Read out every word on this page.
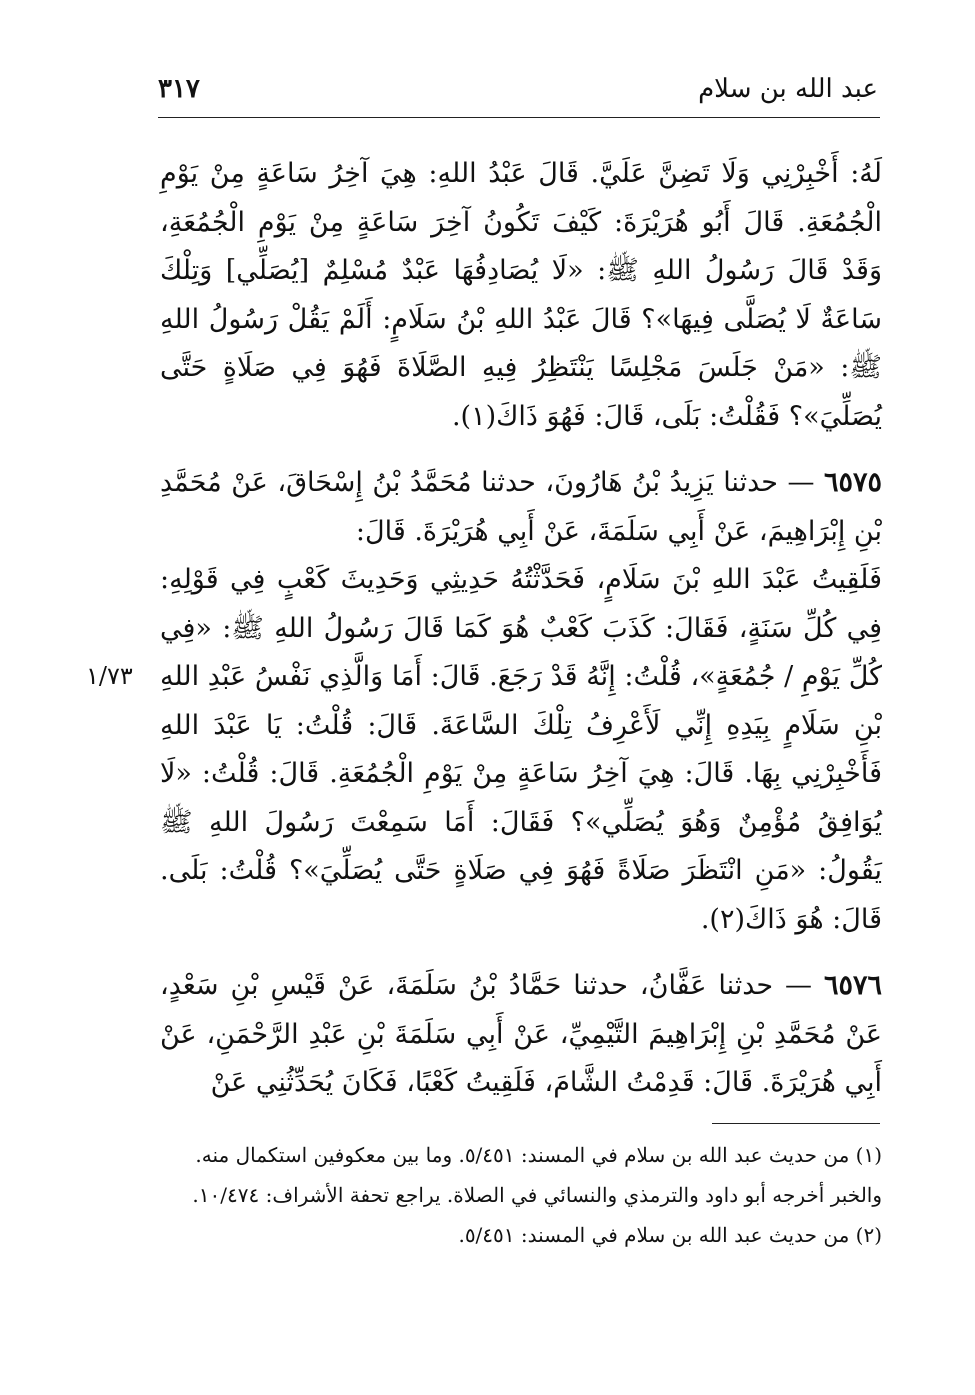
عبد الله بن سلام
٣١٧

لَهُ: أَخْبِرْنِي وَلَا تَضِنَّ عَلَيَّ. قَالَ عَبْدُ اللهِ: هِيَ آخِرُ سَاعَةٍ مِنْ يَوْمِ الْجُمُعَةِ. قَالَ أَبُو هُرَيْرَةَ: كَيْفَ تَكُونُ آخِرَ سَاعَةٍ مِنْ يَوْمِ الْجُمُعَةِ، وَقَدْ قَالَ رَسُولُ اللهِ ﷺ: «لَا يُصَادِفُهَا عَبْدٌ مُسْلِمٌ [يُصَلِّي] وَتِلْكَ سَاعَةٌ لَا يُصَلَّى فِيهَا»؟ قَالَ عَبْدُ اللهِ بْنُ سَلَامٍ: أَلَمْ يَقُلْ رَسُولُ اللهِ ﷺ: «مَنْ جَلَسَ مَجْلِسًا يَنْتَظِرُ فِيهِ الصَّلَاةَ فَهُوَ فِي صَلَاةٍ حَتَّى يُصَلِّيَ»؟ فَقُلْتُ: بَلَى، قَالَ: فَهُوَ ذَاكَ(١).

٦٥٧٥ — حدثنا يَزِيدُ بْنُ هَارُونَ، حدثنا مُحَمَّدُ بْنُ إِسْحَاقَ، عَنْ مُحَمَّدِ بْنِ إِبْرَاهِيمَ، عَنْ أَبِي سَلَمَةَ، عَنْ أَبِي هُرَيْرَةَ. قَالَ:

فَلَقِيتُ عَبْدَ اللهِ بْنَ سَلَامٍ، فَحَدَّثْتُهُ حَدِيثِي وَحَدِيثَ كَعْبٍ فِي قَوْلِهِ: فِي كُلِّ سَنَةٍ، فَقَالَ: كَذَبَ كَعْبٌ هُوَ كَمَا قَالَ رَسُولُ اللهِ ﷺ: «فِي كُلِّ يَوْمِ / جُمُعَةٍ»، قُلْتُ: إِنَّهُ قَدْ رَجَعَ. قَالَ: أَمَا وَالَّذِي نَفْسُ عَبْدِ اللهِ بْنِ سَلَامٍ بِيَدِهِ إِنِّي لَأَعْرِفُ تِلْكَ السَّاعَةَ. قَالَ: قُلْتُ: يَا عَبْدَ اللهِ فَأَخْبِرْنِي بِهَا. قَالَ: هِيَ آخِرُ سَاعَةٍ مِنْ يَوْمِ الْجُمُعَةِ. قَالَ: قُلْتُ: «لَا يُوَافِقُ مُؤْمِنٌ وَهُوَ يُصَلِّي»؟ فَقَالَ: أَمَا سَمِعْتَ رَسُولَ اللهِ ﷺ يَقُولُ: «مَنِ انْتَظَرَ صَلَاةً فَهُوَ فِي صَلَاةٍ حَتَّى يُصَلِّيَ»؟ قُلْتُ: بَلَى. قَالَ: هُوَ ذَاكَ(٢).

٦٥٧٦ — حدثنا عَفَّانُ، حدثنا حَمَّادُ بْنُ سَلَمَةَ، عَنْ قَيْسِ بْنِ سَعْدٍ، عَنْ مُحَمَّدِ بْنِ إِبْرَاهِيمَ التَّيْمِيِّ، عَنْ أَبِي سَلَمَةَ بْنِ عَبْدِ الرَّحْمَنِ، عَنْ أَبِي هُرَيْرَةَ. قَالَ: قَدِمْتُ الشَّامَ، فَلَقِيتُ كَعْبًا، فَكَانَ يُحَدِّثُنِي عَنْ

١/٧٣

(١) من حديث عبد الله بن سلام في المسند: ٥/٤٥١. وما بين معكوفين استكمال منه.

والخبر أخرجه أبو داود والترمذي والنسائي في الصلاة. يراجع تحفة الأشراف: ١٠/٤٧٤.

(٢) من حديث عبد الله بن سلام في المسند: ٥/٤٥١.
